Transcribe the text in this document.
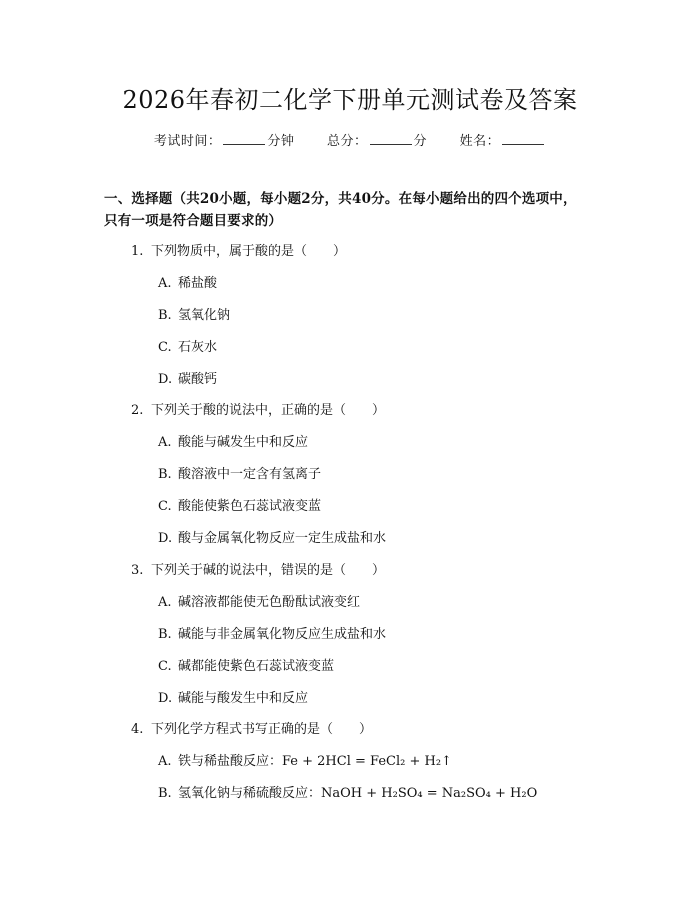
2026年春初二化学下册单元测试卷及答案
考试时间：	分钟	总分：	分	姓名：
一、选择题（共20小题，每小题2分，共40分。在每小题给出的四个选项中，
只有一项是符合题目要求的）
1. 下列物质中，属于酸的是（　　）
A. 稀盐酸
B. 氢氧化钠
C. 石灰水
D. 碳酸钙
2. 下列关于酸的说法中，正确的是（　　）
A. 酸能与碱发生中和反应
B. 酸溶液中一定含有氢离子
C. 酸能使紫色石蕊试液变蓝
D. 酸与金属氧化物反应一定生成盐和水
3. 下列关于碱的说法中，错误的是（　　）
A. 碱溶液都能使无色酚酞试液变红
B. 碱能与非金属氧化物反应生成盐和水
C. 碱都能使紫色石蕊试液变蓝
D. 碱能与酸发生中和反应
4. 下列化学方程式书写正确的是（　　）
A. 铁与稀盐酸反应：Fe + 2HCl = FeCl₂ + H₂↑
B. 氢氧化钠与稀硫酸反应：NaOH + H₂SO₄ = Na₂SO₄ + H₂O
